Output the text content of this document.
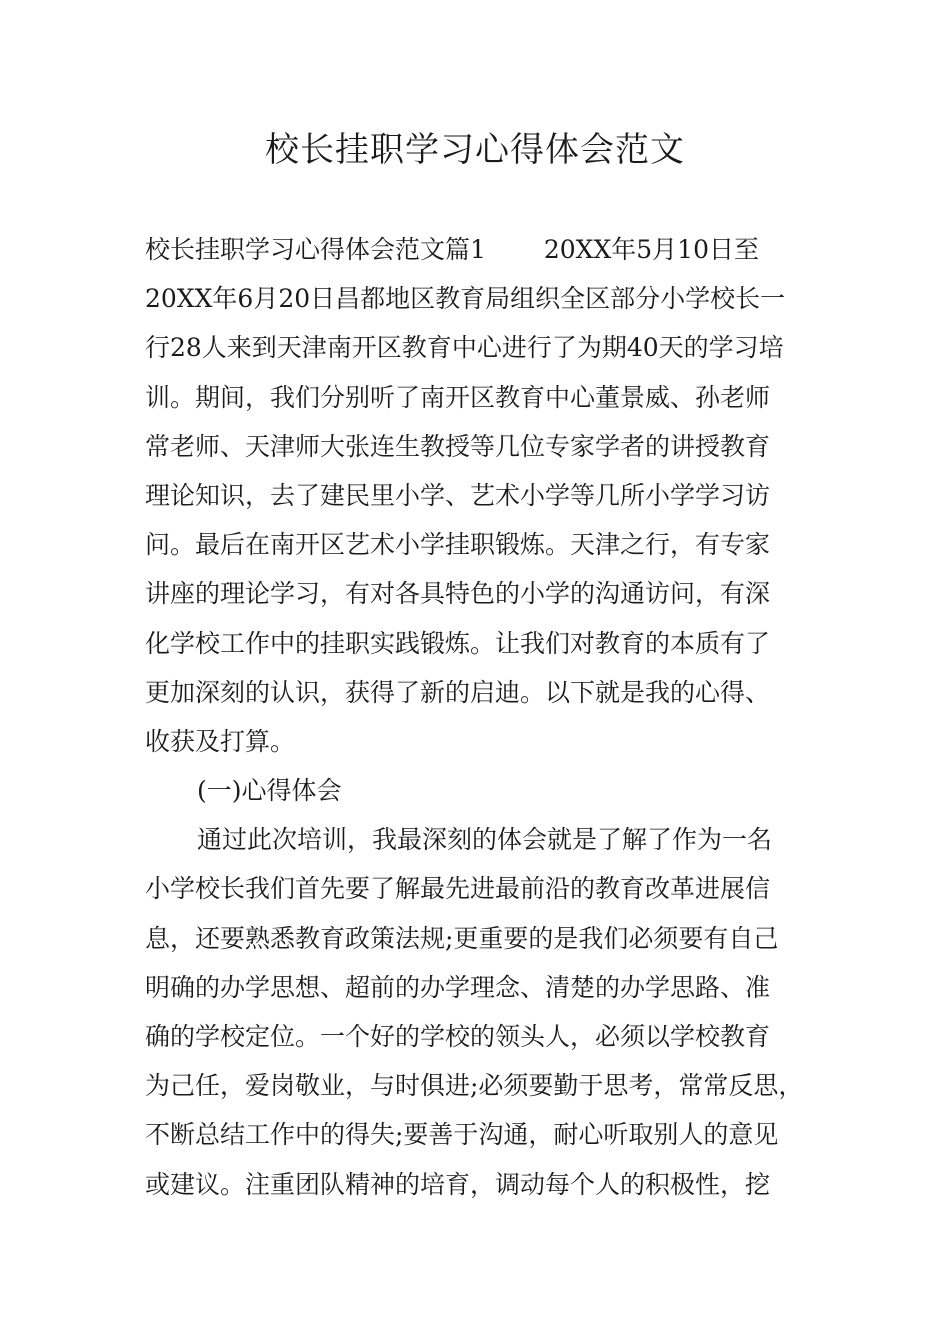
校长挂职学习心得体会范文
校长挂职学习心得体会范文篇1　　 20XX年5月10日至
20XX年6月20日昌都地区教育局组织全区部分小学校长一
行28人来到天津南开区教育中心进行了为期40天的学习培
训。期间，我们分别听了南开区教育中心董景威、孙老师
常老师、天津师大张连生教授等几位专家学者的讲授教育
理论知识，去了建民里小学、艺术小学等几所小学学习访
问。最后在南开区艺术小学挂职锻炼。天津之行，有专家
讲座的理论学习，有对各具特色的小学的沟通访问，有深
化学校工作中的挂职实践锻炼。让我们对教育的本质有了
更加深刻的认识，获得了新的启迪。以下就是我的心得、
收获及打算。
(一)心得体会
通过此次培训，我最深刻的体会就是了解了作为一名
小学校长我们首先要了解最先进最前沿的教育改革进展信
息，还要熟悉教育政策法规;更重要的是我们必须要有自己
明确的办学思想、超前的办学理念、清楚的办学思路、准
确的学校定位。一个好的学校的领头人，必须以学校教育
为己任，爱岗敬业，与时俱进;必须要勤于思考，常常反思，
不断总结工作中的得失;要善于沟通，耐心听取别人的意见
或建议。注重团队精神的培育，调动每个人的积极性，挖
